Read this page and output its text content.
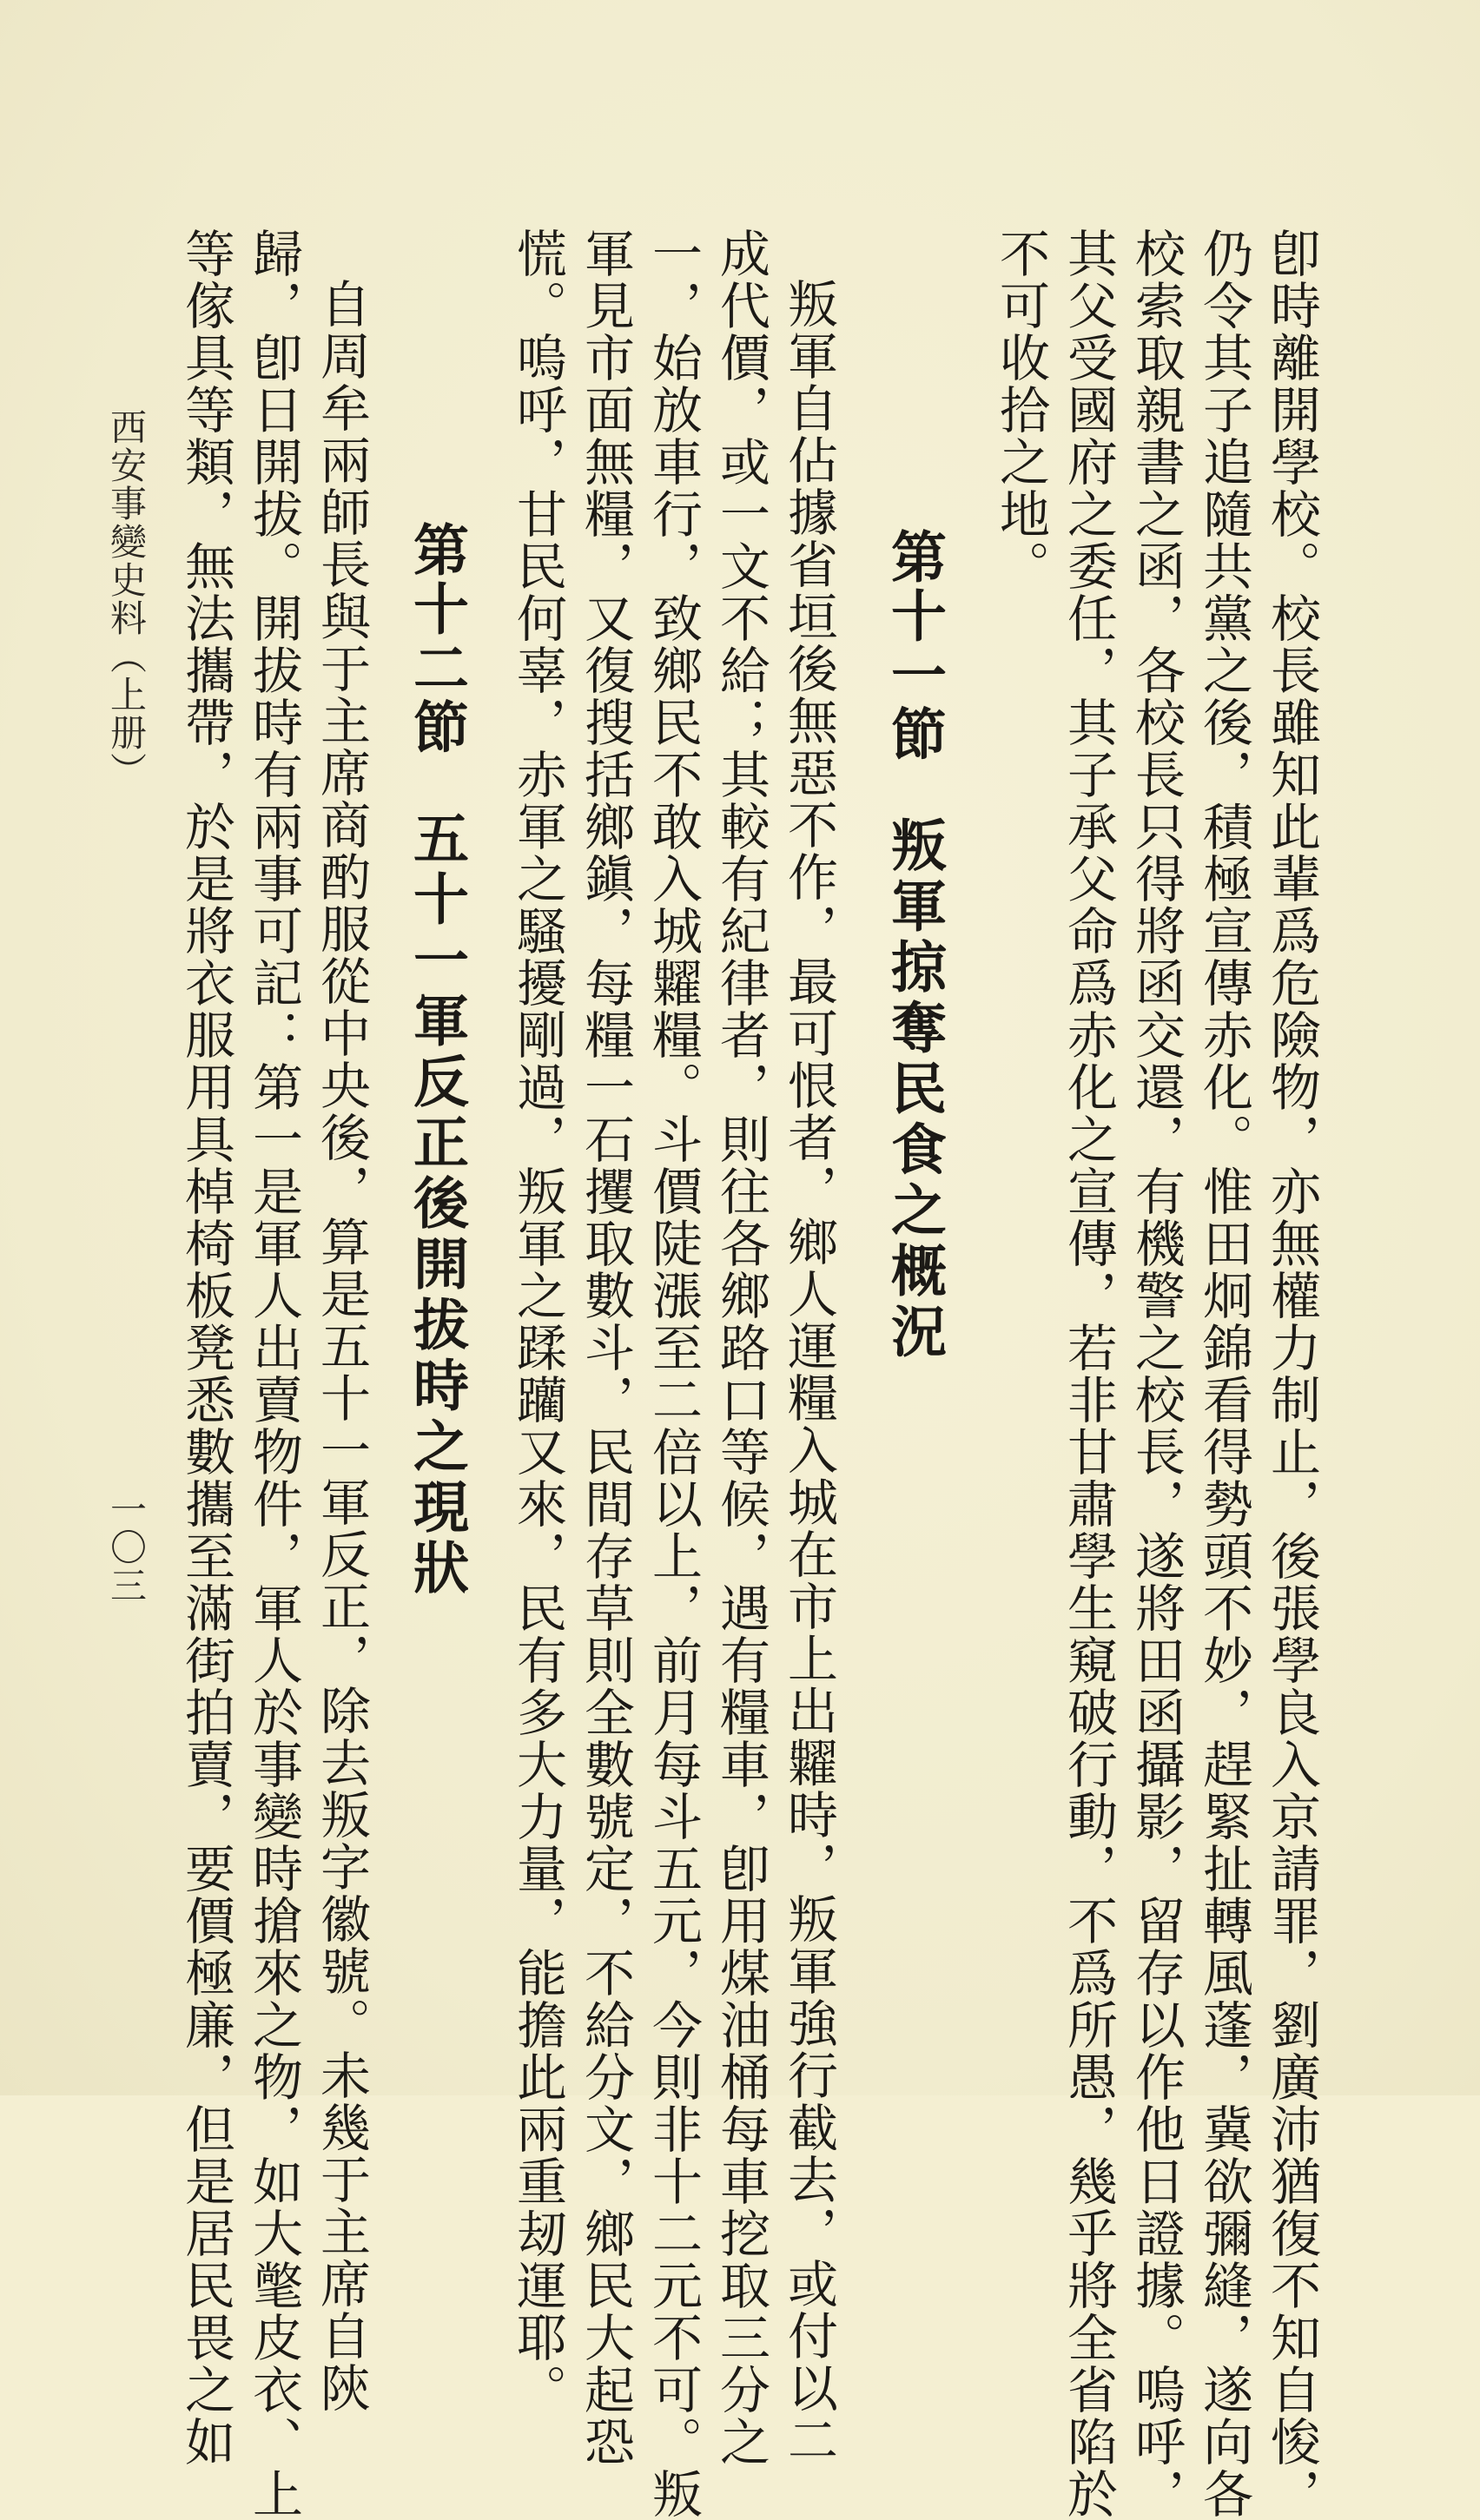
卽時離開學校。校長雖知此輩爲危險物，亦無權力制止，後張學良入京請罪，劉廣沛猶復不知自悛，
仍令其子追隨共黨之後，積極宣傳赤化。惟田炯錦看得勢頭不妙，趕緊扯轉風蓬，冀欲彌縫，遂向各
校索取親書之函，各校長只得將函交還，有機警之校長，遂將田函攝影，留存以作他日證據。嗚呼，
其父受國府之委任，其子承父命爲赤化之宣傳，若非甘肅學生窺破行動，不爲所愚，幾乎將全省陷於
不可收拾之地。
第十一節叛軍掠奪民食之概況
叛軍自佔據省垣後無惡不作，最可恨者，鄉人運糧入城在市上出糶時，叛軍強行截去，或付以二
成代價，或一文不給；其較有紀律者，則往各鄉路口等候，遇有糧車，卽用煤油桶每車挖取三分之
一，始放車行，致鄉民不敢入城糶糧。斗價陡漲至二倍以上，前月每斗五元，今則非十二元不可。叛
軍見市面無糧，又復搜括鄉鎭，每糧一石攫取數斗，民間存草則全數號定，不給分文，鄉民大起恐
慌。嗚呼，甘民何辜，赤軍之騷擾剛過，叛軍之蹂躪又來，民有多大力量，能擔此兩重刼運耶。
第十二節五十一軍反正後開拔時之現狀
自周牟兩師長與于主席商酌服從中央後，算是五十一軍反正，除去叛字徽號。未幾于主席自陝
歸，卽日開拔。開拔時有兩事可記：第一是軍人出賣物件，軍人於事變時搶來之物，如大氅皮衣、上
等傢具等類，無法攜帶，於是將衣服用具棹椅板凳悉數攜至滿街拍賣，要價極廉，但是居民畏之如
西安事變史料（上册）
一〇三
